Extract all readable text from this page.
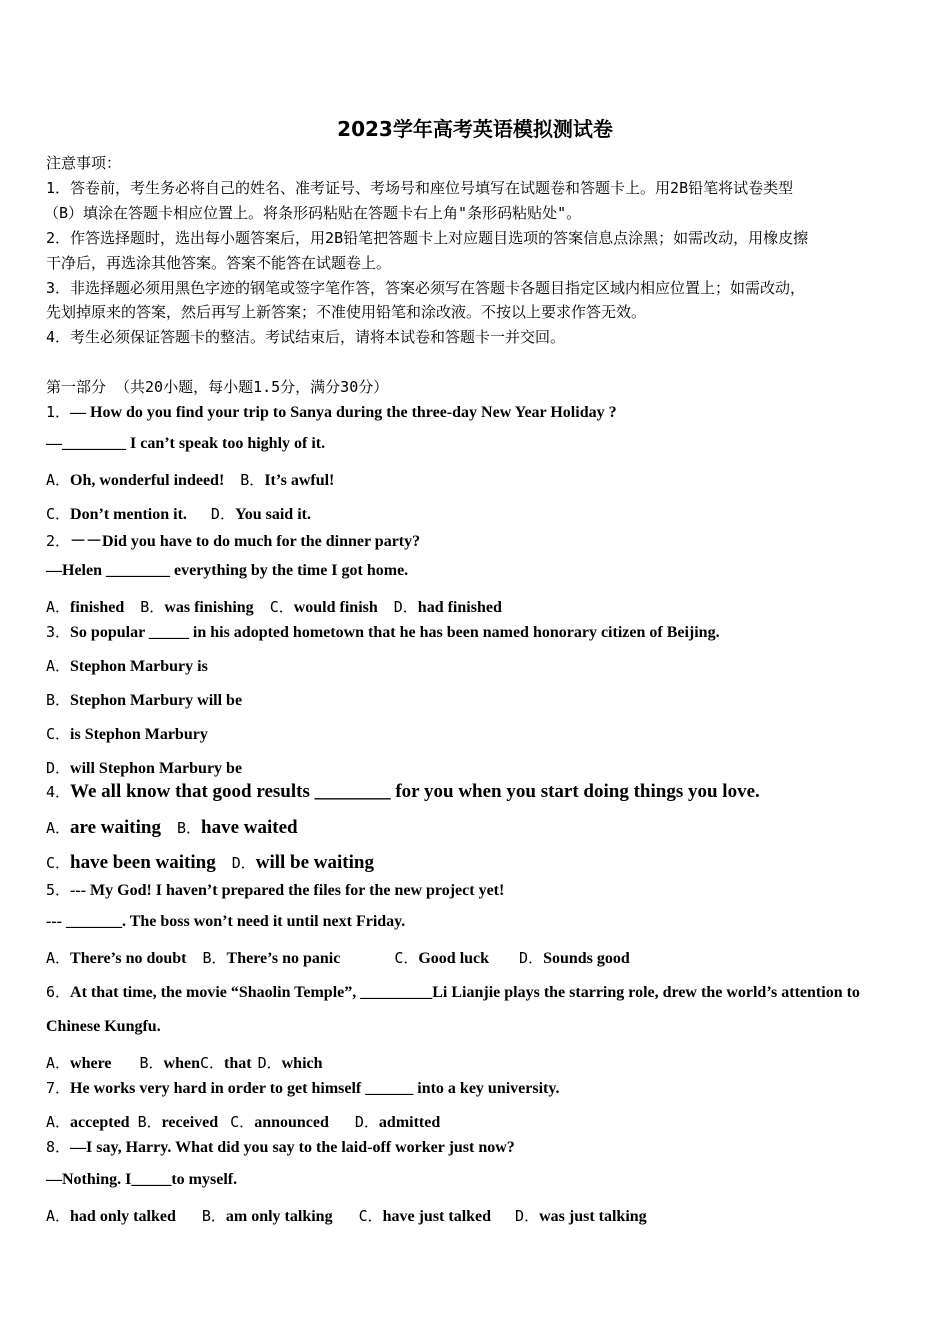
2023学年高考英语模拟测试卷
注意事项：
1．答卷前，考生务必将自己的姓名、准考证号、考场号和座位号填写在试题卷和答题卡上。用2B铅笔将试卷类型
（B）填涂在答题卡相应位置上。将条形码粘贴在答题卡右上角"条形码粘贴处"。
2．作答选择题时，选出每小题答案后，用2B铅笔把答题卡上对应题目选项的答案信息点涂黑；如需改动，用橡皮擦
干净后，再选涂其他答案。答案不能答在试题卷上。
3．非选择题必须用黑色字迹的钢笔或签字笔作答，答案必须写在答题卡各题目指定区域内相应位置上；如需改动，
先划掉原来的答案，然后再写上新答案；不准使用铅笔和涂改液。不按以上要求作答无效。
4．考生必须保证答题卡的整洁。考试结束后，请将本试卷和答题卡一并交回。
第一部分 （共20小题，每小题1.5分，满分30分）
1．— How do you find your trip to Sanya during the three-day New Year Holiday ?
—________ I can’t speak too highly of it.
A．Oh, wonderful indeed! B．It’s awful!
C．Don’t mention it. D．You said it.
2．－－Did you have to do much for the dinner party?
—Helen ________ everything by the time I got home.
A．finished B．was finishing C．would finish D．had finished
3．So popular _____ in his adopted hometown that he has been named honorary citizen of Beijing.
A．Stephon Marbury is
B．Stephon Marbury will be
C．is Stephon Marbury
D．will Stephon Marbury be
4．We all know that good results ________ for you when you start doing things you love.
A．are waiting B．have waited
C．have been waiting D．will be waiting
5．--- My God! I haven’t prepared the files for the new project yet!
--- _______. The boss won’t need it until next Friday.
A．There’s no doubt B．There’s no panic	C．Good luck D．Sounds good
6．At that time, the movie “Shaolin Temple”, _________Li Lianjie plays the starring role, drew the world’s attention to
Chinese Kungfu.
A．where B．whenC．that D．which
7．He works very hard in order to get himself ______ into a key university.
A．accepted B．received C．announced D．admitted
8．—I say, Harry. What did you say to the laid-off worker just now?
—Nothing. I_____to myself.
A．had only talked B．am only talking C．have just talked D．was just talking
